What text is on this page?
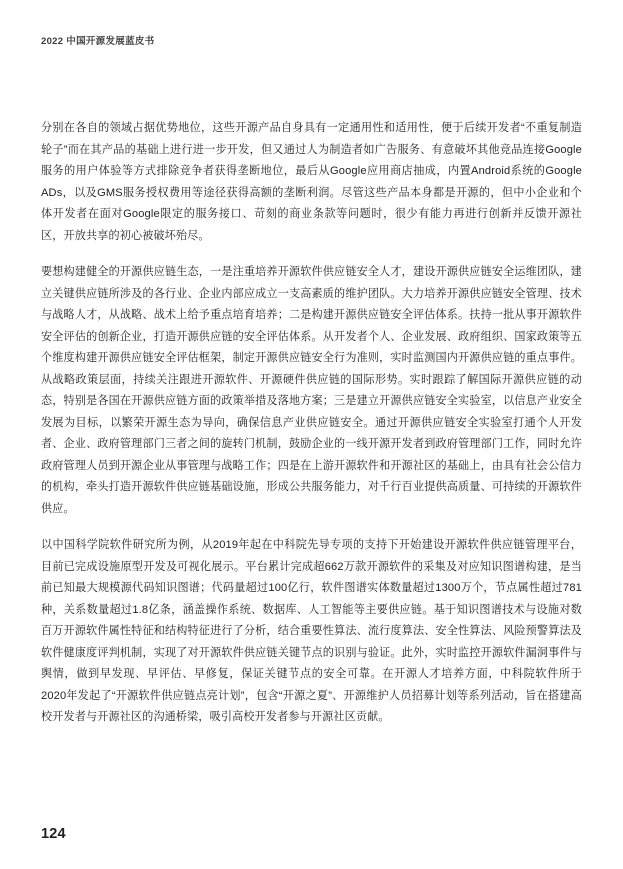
2022 中国开源发展蓝皮书

分别在各自的领域占据优势地位，这些开源产品自身具有一定通用性和适用性，便于后续开发者“不重复制造轮子”而在其产品的基础上进行进一步开发，但又通过人为制造者如广告服务、有意破坏其他竞品连接Google服务的用户体验等方式排除竞争者获得垄断地位，最后从Google应用商店抽成，内置Android系统的Google ADs，以及GMS服务授权费用等途径获得高额的垄断利润。尽管这些产品本身都是开源的，但中小企业和个体开发者在面对Google限定的服务接口、苛刻的商业条款等问题时，很少有能力再进行创新并反馈开源社区，开放共享的初心被破坏殆尽。

要想构建健全的开源供应链生态，一是注重培养开源软件供应链安全人才，建设开源供应链安全运维团队，建立关键供应链所涉及的各行业、企业内部应成立一支高素质的维护团队。大力培养开源供应链安全管理、技术与战略人才，从战略、战术上给予重点培育培养；二是构建开源供应链安全评估体系。扶持一批从事开源软件安全评估的创新企业，打造开源供应链的安全评估体系。从开发者个人、企业发展、政府组织、国家政策等五个维度构建开源供应链安全评估框架，制定开源供应链安全行为准则，实时监测国内开源供应链的重点事件。从战略政策层面，持续关注跟进开源软件、开源硬件供应链的国际形势。实时跟踪了解国际开源供应链的动态，特别是各国在开源供应链方面的政策举措及落地方案；三是建立开源供应链安全实验室，以信息产业安全发展为目标，以繁荣开源生态为导向，确保信息产业供应链安全。通过开源供应链安全实验室打通个人开发者、企业、政府管理部门三者之间的旋转门机制，鼓励企业的一线开源开发者到政府管理部门工作，同时允许政府管理人员到开源企业从事管理与战略工作；四是在上游开源软件和开源社区的基础上，由具有社会公信力的机构，牵头打造开源软件供应链基础设施，形成公共服务能力，对千行百业提供高质量、可持续的开源软件供应。

以中国科学院软件研究所为例，从2019年起在中科院先导专项的支持下开始建设开源软件供应链管理平台，目前已完成设施原型开发及可视化展示。平台累计完成超662万款开源软件的采集及对应知识图谱构建，是当前已知最大规模源代码知识图谱；代码量超过100亿行，软件图谱实体数量超过1300万个，节点属性超过781种，关系数量超过1.8亿条，涵盖操作系统、数据库、人工智能等主要供应链。基于知识图谱技术与设施对数百万开源软件属性特征和结构特征进行了分析，结合重要性算法、流行度算法、安全性算法、风险预警算法及软件健康度评判机制，实现了对开源软件供应链关键节点的识别与验证。此外，实时监控开源软件漏洞事件与舆情，做到早发现、早评估、早修复，保证关键节点的安全可靠。在开源人才培养方面，中科院软件所于2020年发起了“开源软件供应链点亮计划”，包含“开源之夏”、开源维护人员招募计划等系列活动，旨在搭建高校开发者与开源社区的沟通桥梁，吸引高校开发者参与开源社区贡献。

124
